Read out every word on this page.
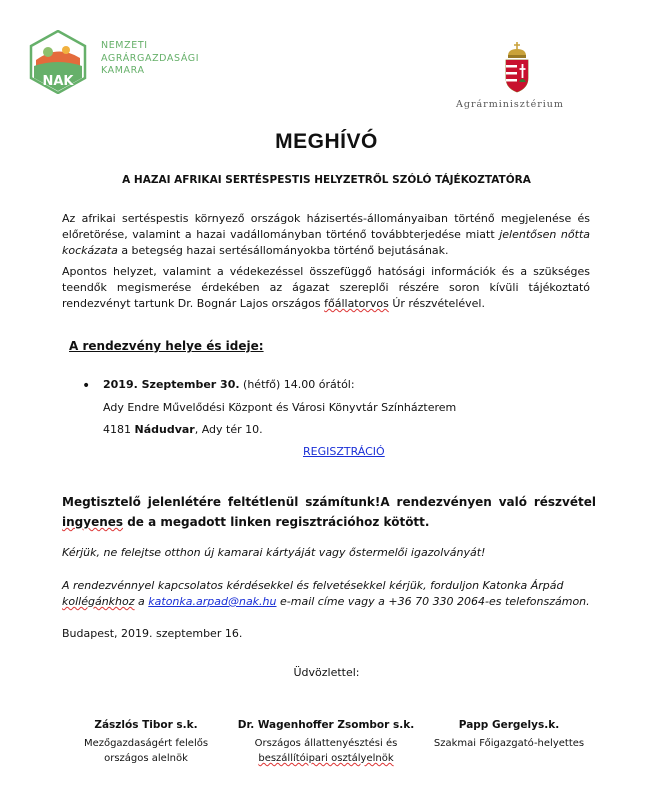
NAK
NEMZETI
AGRÁRGAZDASÁGI
KAMARA
Agrárminisztérium
MEGHÍVÓ
A HAZAI AFRIKAI SERTÉSPESTIS HELYZETRŐL SZÓLÓ TÁJÉKOZTATÓRA
Az afrikai sertéspestis környező országok házisertés-állományaiban történő megjelenése és előretörése, valamint a hazai vadállományban történő továbbterjedése miatt jelentősen nőtta kockázata a betegség hazai sertésállományokba történő bejutásának.
Apontos helyzet, valamint a védekezéssel összefüggő hatósági információk és a szükséges teendők megismerése érdekében az ágazat szereplői részére soron kívüli tájékoztató rendezvényt tartunk Dr. Bognár Lajos országos főállatorvos Úr részvételével.
A rendezvény helye és ideje:
• 2019. Szeptember 30. (hétfő) 14.00 órától:
Ady Endre Művelődési Központ és Városi Könyvtár Színházterem
4181 Nádudvar, Ady tér 10.
REGISZTRÁCIÓ
Megtisztelő jelenlétére feltétlenül számítunk!A rendezvényen való részvétel ingyenes de a megadott linken regisztrációhoz kötött.
Kérjük, ne felejtse otthon új kamarai kártyáját vagy őstermelői igazolványát!
A rendezvénnyel kapcsolatos kérdésekkel és felvetésekkel kérjük, forduljon Katonka Árpád kollégánkhoz a katonka.arpad@nak.hu e-mail címe vagy a +36 70 330 2064-es telefonszámon.
Budapest, 2019. szeptember 16.
Üdvözlettel:
Zászlós Tibor s.k.
Mezőgazdaságért felelős
országos alelnök
Dr. Wagenhoffer Zsombor s.k.
Országos állattenyésztési és
beszállítóipari osztályelnök
Papp Gergelys.k.
Szakmai Főigazgató-helyettes
